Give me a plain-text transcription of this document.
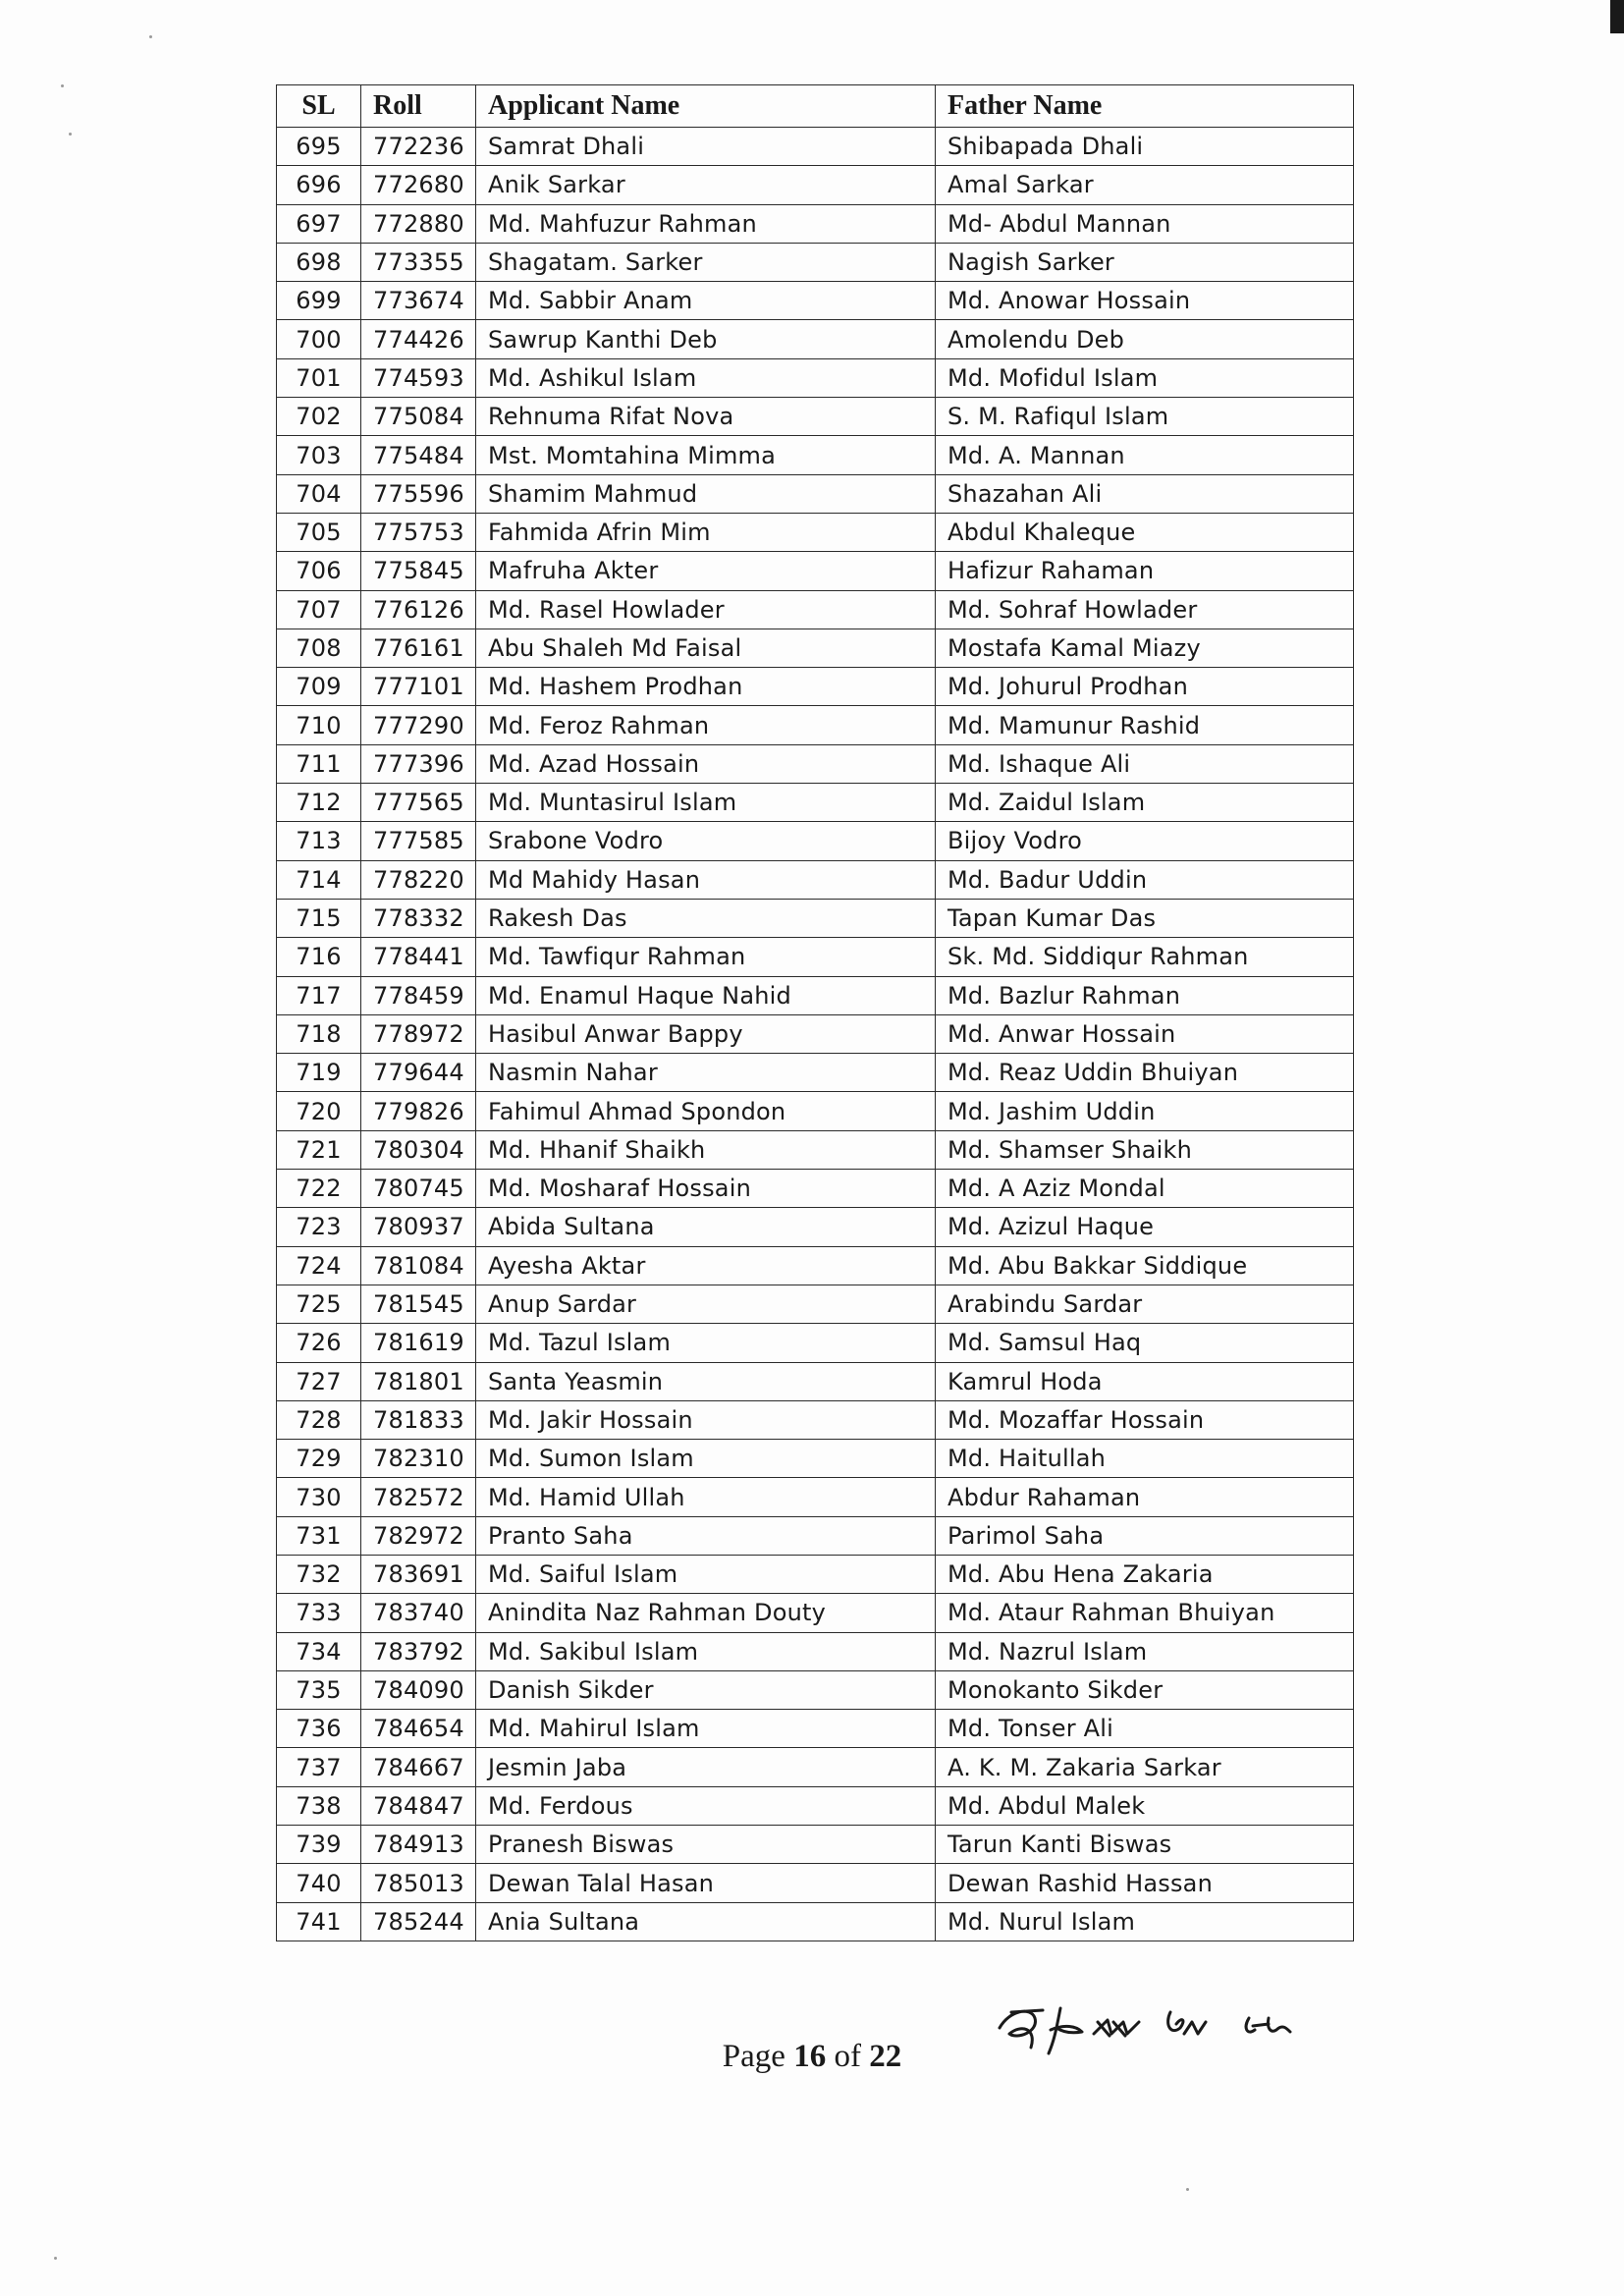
SL	Roll	Applicant Name	Father Name
695	772236	Samrat Dhali	Shibapada Dhali
696	772680	Anik Sarkar	Amal Sarkar
697	772880	Md. Mahfuzur Rahman	Md- Abdul Mannan
698	773355	Shagatam. Sarker	Nagish Sarker
699	773674	Md. Sabbir Anam	Md. Anowar Hossain
700	774426	Sawrup Kanthi Deb	Amolendu Deb
701	774593	Md. Ashikul Islam	Md. Mofidul Islam
702	775084	Rehnuma Rifat Nova	S. M. Rafiqul Islam
703	775484	Mst. Momtahina Mimma	Md. A. Mannan
704	775596	Shamim Mahmud	Shazahan Ali
705	775753	Fahmida Afrin Mim	Abdul Khaleque
706	775845	Mafruha Akter	Hafizur Rahaman
707	776126	Md. Rasel Howlader	Md. Sohraf Howlader
708	776161	Abu Shaleh Md Faisal	Mostafa Kamal Miazy
709	777101	Md. Hashem Prodhan	Md. Johurul Prodhan
710	777290	Md. Feroz Rahman	Md. Mamunur Rashid
711	777396	Md. Azad Hossain	Md. Ishaque Ali
712	777565	Md. Muntasirul Islam	Md. Zaidul Islam
713	777585	Srabone Vodro	Bijoy Vodro
714	778220	Md Mahidy Hasan	Md. Badur Uddin
715	778332	Rakesh Das	Tapan Kumar Das
716	778441	Md. Tawfiqur Rahman	Sk. Md. Siddiqur Rahman
717	778459	Md. Enamul Haque Nahid	Md. Bazlur Rahman
718	778972	Hasibul Anwar Bappy	Md. Anwar Hossain
719	779644	Nasmin Nahar	Md. Reaz Uddin Bhuiyan
720	779826	Fahimul Ahmad Spondon	Md. Jashim Uddin
721	780304	Md. Hhanif Shaikh	Md. Shamser Shaikh
722	780745	Md. Mosharaf Hossain	Md. A Aziz Mondal
723	780937	Abida Sultana	Md. Azizul Haque
724	781084	Ayesha Aktar	Md. Abu Bakkar Siddique
725	781545	Anup Sardar	Arabindu Sardar
726	781619	Md. Tazul Islam	Md. Samsul Haq
727	781801	Santa Yeasmin	Kamrul Hoda
728	781833	Md. Jakir Hossain	Md. Mozaffar Hossain
729	782310	Md. Sumon Islam	Md. Haitullah
730	782572	Md. Hamid Ullah	Abdur Rahaman
731	782972	Pranto Saha	Parimol Saha
732	783691	Md. Saiful Islam	Md. Abu Hena Zakaria
733	783740	Anindita Naz Rahman Douty	Md. Ataur Rahman Bhuiyan
734	783792	Md. Sakibul Islam	Md. Nazrul Islam
735	784090	Danish Sikder	Monokanto Sikder
736	784654	Md. Mahirul Islam	Md. Tonser Ali
737	784667	Jesmin Jaba	A. K. M. Zakaria Sarkar
738	784847	Md. Ferdous	Md. Abdul Malek
739	784913	Pranesh Biswas	Tarun Kanti Biswas
740	785013	Dewan Talal Hasan	Dewan Rashid Hassan
741	785244	Ania Sultana	Md. Nurul Islam
Page 16 of 22
